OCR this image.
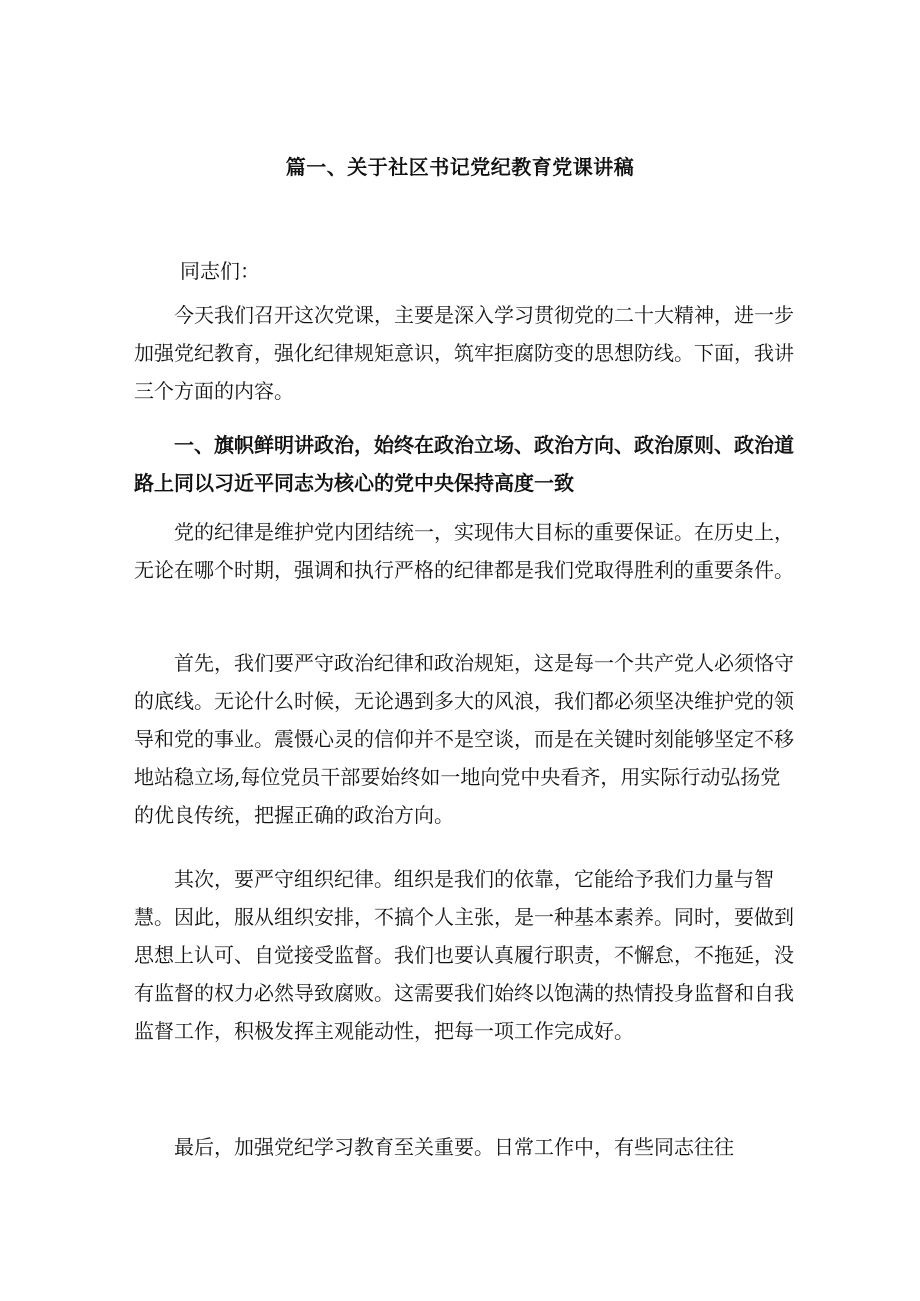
篇一、关于社区书记党纪教育党课讲稿

同志们：

今天我们召开这次党课，主要是深入学习贯彻党的二十大精神，进一步加强党纪教育，强化纪律规矩意识，筑牢拒腐防变的思想防线。下面，我讲三个方面的内容。

一、旗帜鲜明讲政治，始终在政治立场、政治方向、政治原则、政治道路上同以习近平同志为核心的党中央保持高度一致

党的纪律是维护党内团结统一，实现伟大目标的重要保证。在历史上，无论在哪个时期，强调和执行严格的纪律都是我们党取得胜利的重要条件。

首先，我们要严守政治纪律和政治规矩，这是每一个共产党人必须恪守的底线。无论什么时候，无论遇到多大的风浪，我们都必须坚决维护党的领导和党的事业。震慑心灵的信仰并不是空谈，而是在关键时刻能够坚定不移地站稳立场,每位党员干部要始终如一地向党中央看齐，用实际行动弘扬党的优良传统，把握正确的政治方向。

其次，要严守组织纪律。组织是我们的依靠，它能给予我们力量与智慧。因此，服从组织安排，不搞个人主张，是一种基本素养。同时，要做到思想上认可、自觉接受监督。我们也要认真履行职责，不懈怠，不拖延，没有监督的权力必然导致腐败。这需要我们始终以饱满的热情投身监督和自我监督工作，积极发挥主观能动性，把每一项工作完成好。

最后，加强党纪学习教育至关重要。日常工作中，有些同志往往
